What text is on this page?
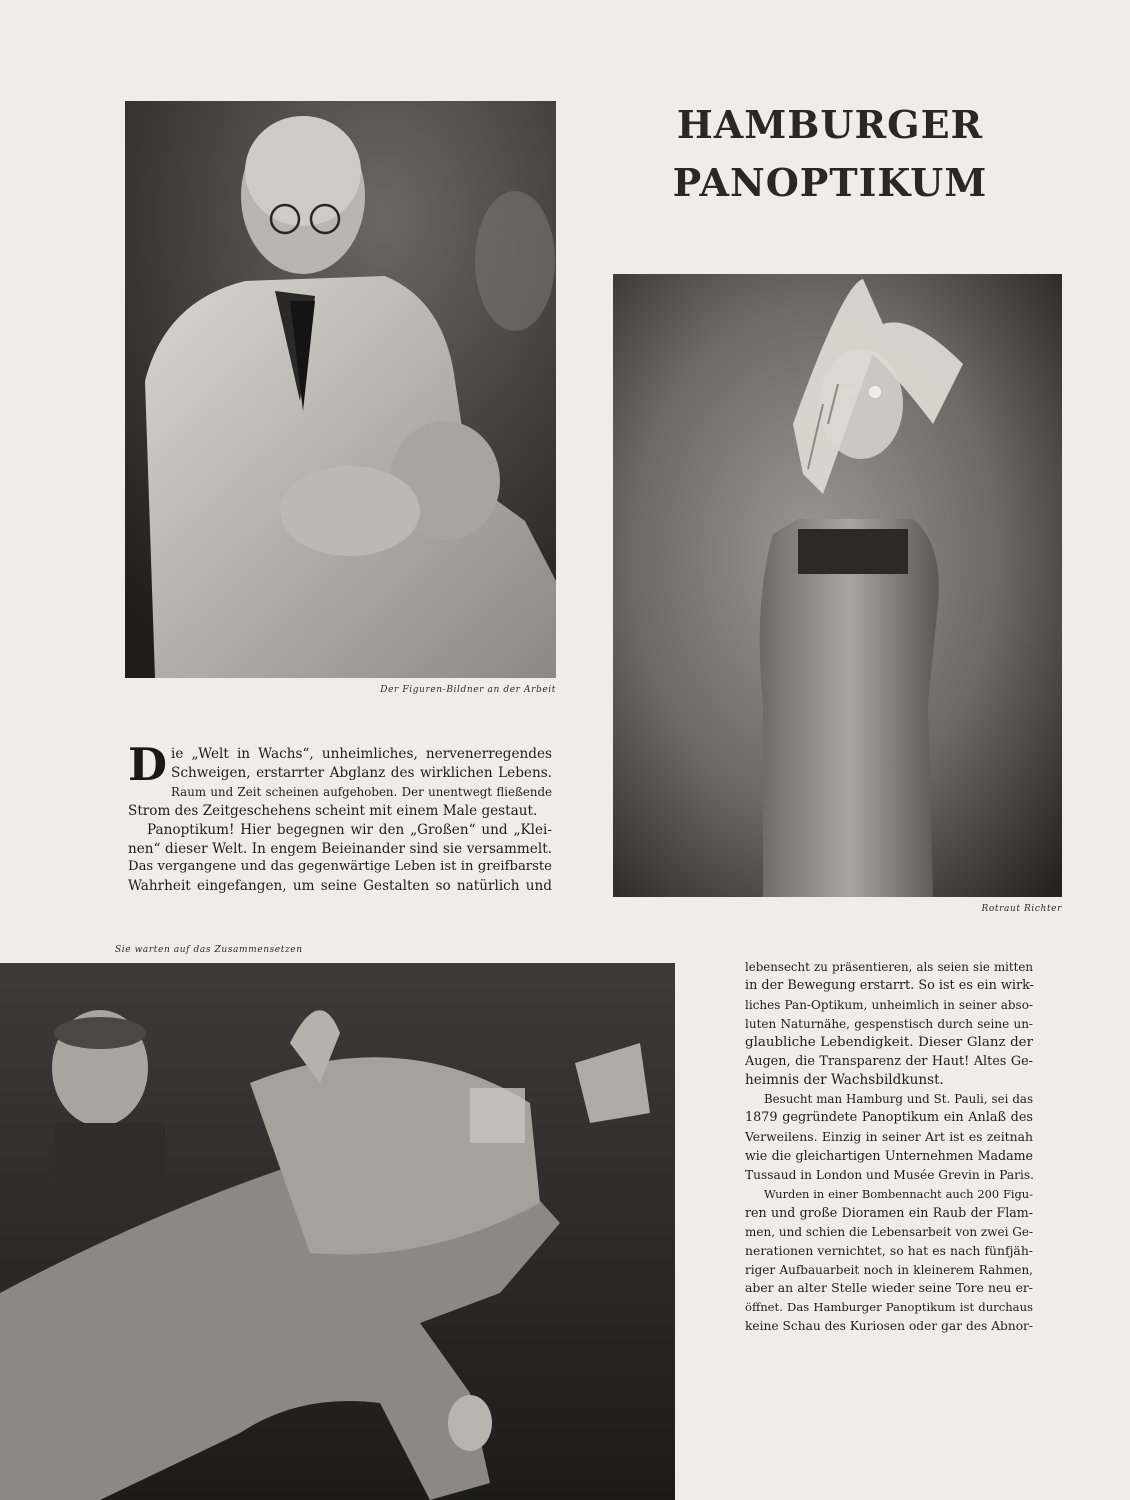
HAMBURGER
PANOPTIKUM
Der Figuren-Bildner an der Arbeit
Rotraut Richter
Sie warten auf das Zusammensetzen

D ie „Welt in Wachs“, unheimliches, nervenerregendes
Schweigen, erstarrter Abglanz des wirklichen Lebens.
Raum und Zeit scheinen aufgehoben. Der unentwegt fließende
Strom des Zeitgeschehens scheint mit einem Male gestaut.

Panoptikum! Hier begegnen wir den „Großen“ und „Klei-
nen“ dieser Welt. In engem Beieinander sind sie versammelt.
Das vergangene und das gegenwärtige Leben ist in greifbarste
Wahrheit eingefangen, um seine Gestalten so natürlich und

lebensecht zu präsentieren, als seien sie mitten
in der Bewegung erstarrt. So ist es ein wirk-
liches Pan-Optikum, unheimlich in seiner abso-
luten Naturnähe, gespenstisch durch seine un-
glaubliche Lebendigkeit. Dieser Glanz der
Augen, die Transparenz der Haut! Altes Ge-
heimnis der Wachsbildkunst.

Besucht man Hamburg und St. Pauli, sei das
1879 gegründete Panoptikum ein Anlaß des
Verweilens. Einzig in seiner Art ist es zeitnah
wie die gleichartigen Unternehmen Madame
Tussaud in London und Musée Grevin in Paris.

Wurden in einer Bombennacht auch 200 Figu-
ren und große Dioramen ein Raub der Flam-
men, und schien die Lebensarbeit von zwei Ge-
nerationen vernichtet, so hat es nach fünfjäh-
riger Aufbauarbeit noch in kleinerem Rahmen,
aber an alter Stelle wieder seine Tore neu er-
öffnet. Das Hamburger Panoptikum ist durchaus
keine Schau des Kuriosen oder gar des Abnor-
